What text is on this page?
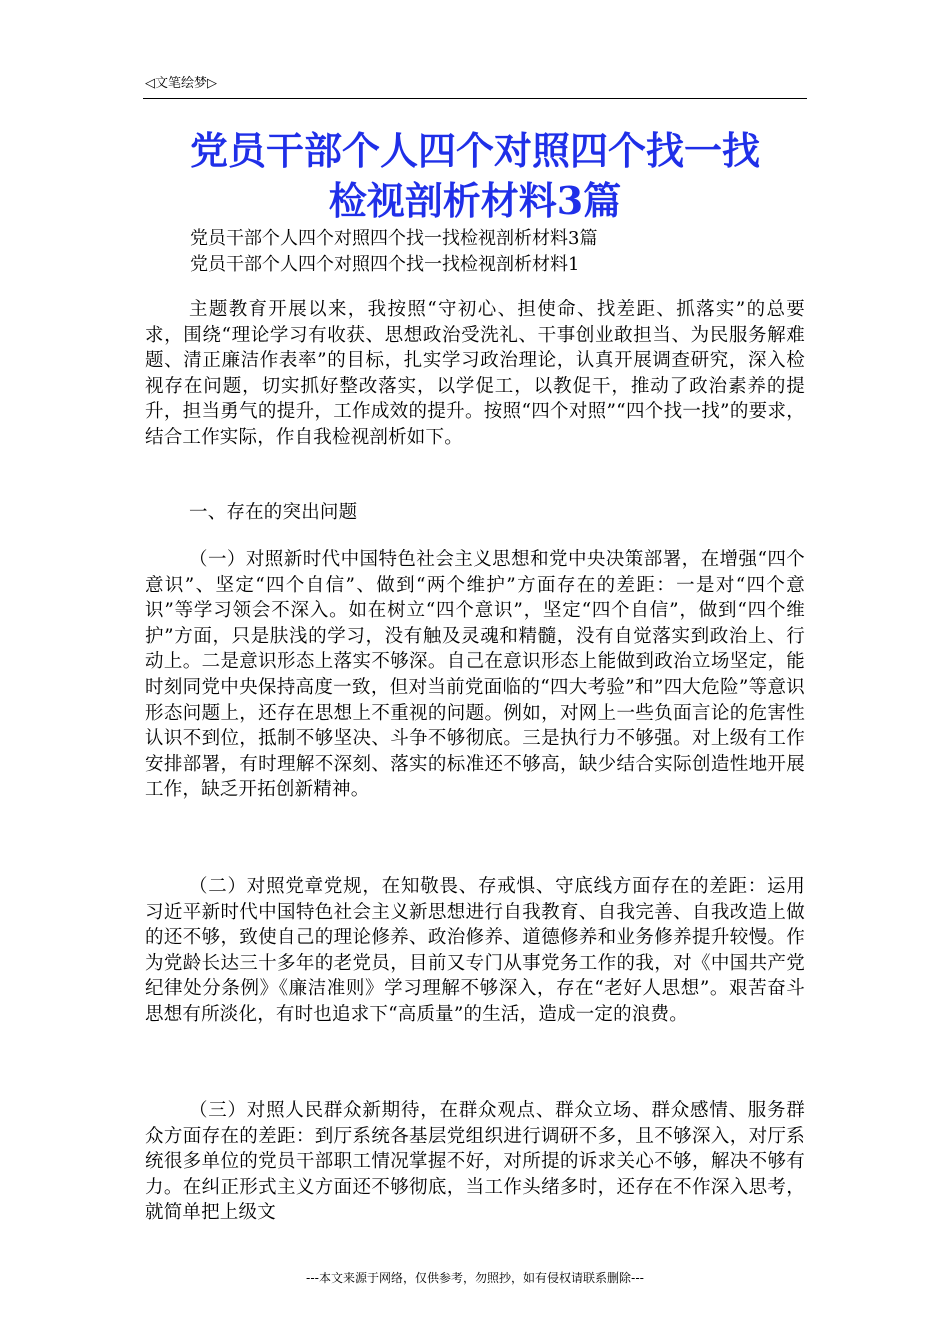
◁文笔绘梦▷
党员干部个人四个对照四个找一找
检视剖析材料3篇

党员干部个人四个对照四个找一找检视剖析材料3篇

党员干部个人四个对照四个找一找检视剖析材料1

主题教育开展以来，我按照“守初心、担使命、找差距、抓落实”的总要求，围绕“理论学习有收获、思想政治受洗礼、干事创业敢担当、为民服务解难题、清正廉洁作表率”的目标，扎实学习政治理论，认真开展调查研究，深入检视存在问题，切实抓好整改落实，以学促工，以教促干，推动了政治素养的提升，担当勇气的提升，工作成效的提升。按照“四个对照”“四个找一找”的要求，结合工作实际，作自我检视剖析如下。

一、存在的突出问题

（一）对照新时代中国特色社会主义思想和党中央决策部署，在增强“四个意识”、坚定“四个自信”、做到“两个维护”方面存在的差距：一是对“四个意识”等学习领会不深入。如在树立“四个意识”，坚定“四个自信”，做到“四个维护”方面，只是肤浅的学习，没有触及灵魂和精髓，没有自觉落实到政治上、行动上。二是意识形态上落实不够深。自己在意识形态上能做到政治立场坚定，能时刻同党中央保持高度一致，但对当前党面临的“四大考验”和”四大危险”等意识形态问题上，还存在思想上不重视的问题。例如，对网上一些负面言论的危害性认识不到位，抵制不够坚决、斗争不够彻底。三是执行力不够强。对上级有工作安排部署，有时理解不深刻、落实的标准还不够高，缺少结合实际创造性地开展工作，缺乏开拓创新精神。

（二）对照党章党规，在知敬畏、存戒惧、守底线方面存在的差距：运用习近平新时代中国特色社会主义新思想进行自我教育、自我完善、自我改造上做的还不够，致使自己的理论修养、政治修养、道德修养和业务修养提升较慢。作为党龄长达三十多年的老党员，目前又专门从事党务工作的我，对《中国共产党纪律处分条例》《廉洁准则》学习理解不够深入，存在“老好人思想”。艰苦奋斗思想有所淡化，有时也追求下“高质量”的生活，造成一定的浪费。

（三）对照人民群众新期待，在群众观点、群众立场、群众感情、服务群众方面存在的差距：到厅系统各基层党组织进行调研不多，且不够深入，对厅系统很多单位的党员干部职工情况掌握不好，对所提的诉求关心不够，解决不够有力。在纠正形式主义方面还不够彻底，当工作头绪多时，还存在不作深入思考，就简单把上级文

---本文来源于网络，仅供参考，勿照抄，如有侵权请联系删除---
